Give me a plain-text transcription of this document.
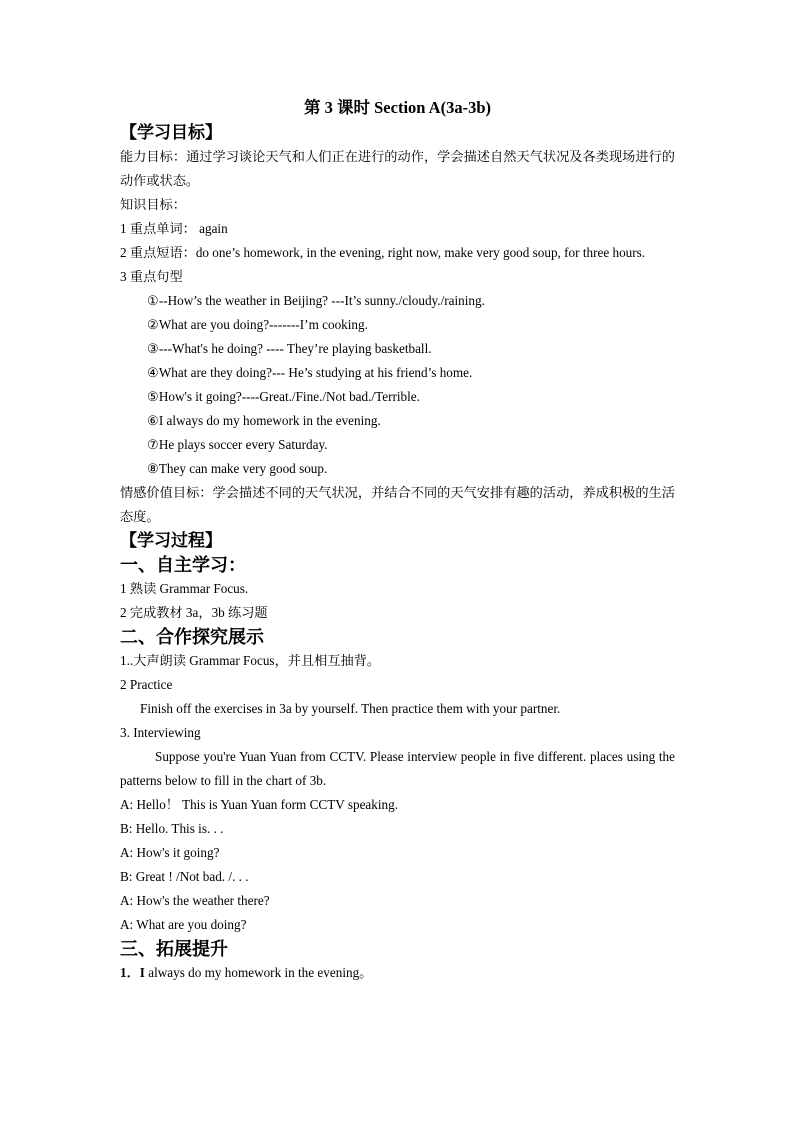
第 3 课时 Section A(3a-3b)
【学习目标】
能力目标：通过学习谈论天气和人们正在进行的动作，学会描述自然天气状况及各类现场进行的动作或状态。
知识目标：
1 重点单词： again
2 重点短语：do one’s homework, in the evening, right now, make very good soup, for three hours.
3 重点句型
①--How’s the weather in Beijing? ---It’s sunny./cloudy./raining.
②What are you doing?-------I’m cooking.
③---What's he doing? ---- They’re playing basketball.
④What are they doing?--- He’s studying at his friend’s home.
⑤How's it going?----Great./Fine./Not bad./Terrible.
⑥I always do my homework in the evening.
⑦He plays soccer every Saturday.
⑧They can make very good soup.
情感价值目标：学会描述不同的天气状况，并结合不同的天气安排有趣的活动，养成积极的生活态度。
【学习过程】
一、自主学习：
1 熟读 Grammar Focus.
2 完成教材 3a，3b 练习题
二、合作探究展示
1..大声朗读 Grammar Focus，并且相互抽背。
2 Practice
Finish off the exercises in 3a by yourself. Then practice them with your partner.
3. Interviewing
Suppose you're Yuan Yuan from CCTV. Please interview people in five different. places using the patterns below to fill in the chart of 3b.
A: Hello！ This is Yuan Yuan form CCTV speaking.
B: Hello. This is. . .
A: How's it going?
B: Great ! /Not bad. /. . .
A: How's the weather there?
A: What are you doing?
三、拓展提升
1．I always do my homework in the evening。
